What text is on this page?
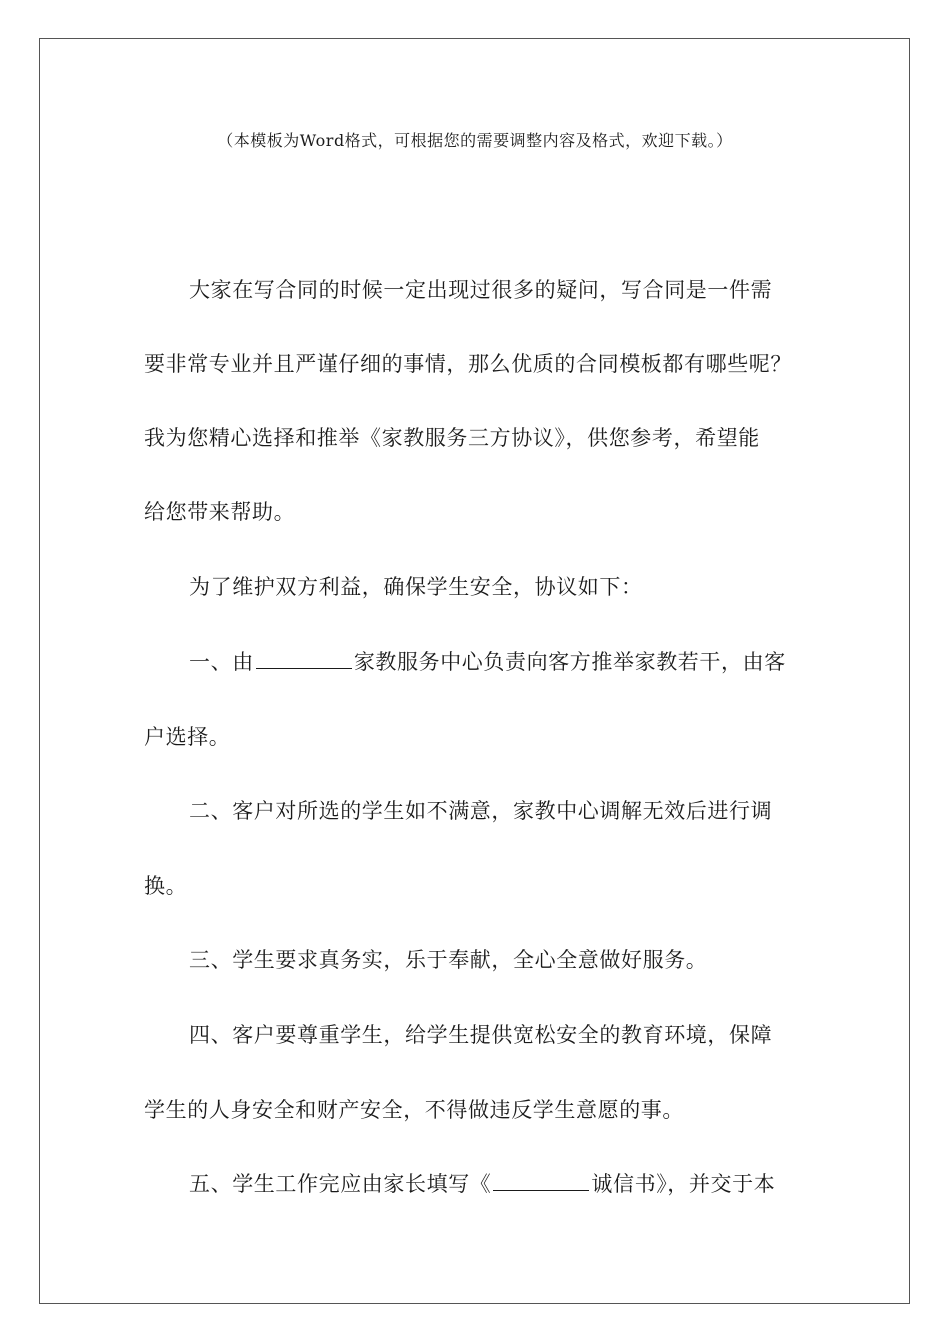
（本模板为Word格式，可根据您的需要调整内容及格式，欢迎下载。）
大家在写合同的时候一定出现过很多的疑问，写合同是一件需
要非常专业并且严谨仔细的事情，那么优质的合同模板都有哪些呢？
我为您精心选择和推举《家教服务三方协议》，供您参考，希望能
给您带来帮助。
为了维护双方利益，确保学生安全，协议如下：
一、由	家教服务中心负责向客方推举家教若干，由客
户选择。
二、客户对所选的学生如不满意，家教中心调解无效后进行调
换。
三、学生要求真务实，乐于奉献，全心全意做好服务。
四、客户要尊重学生，给学生提供宽松安全的教育环境，保障
学生的人身安全和财产安全，不得做违反学生意愿的事。
五、学生工作完应由家长填写《	诚信书》，并交于本
